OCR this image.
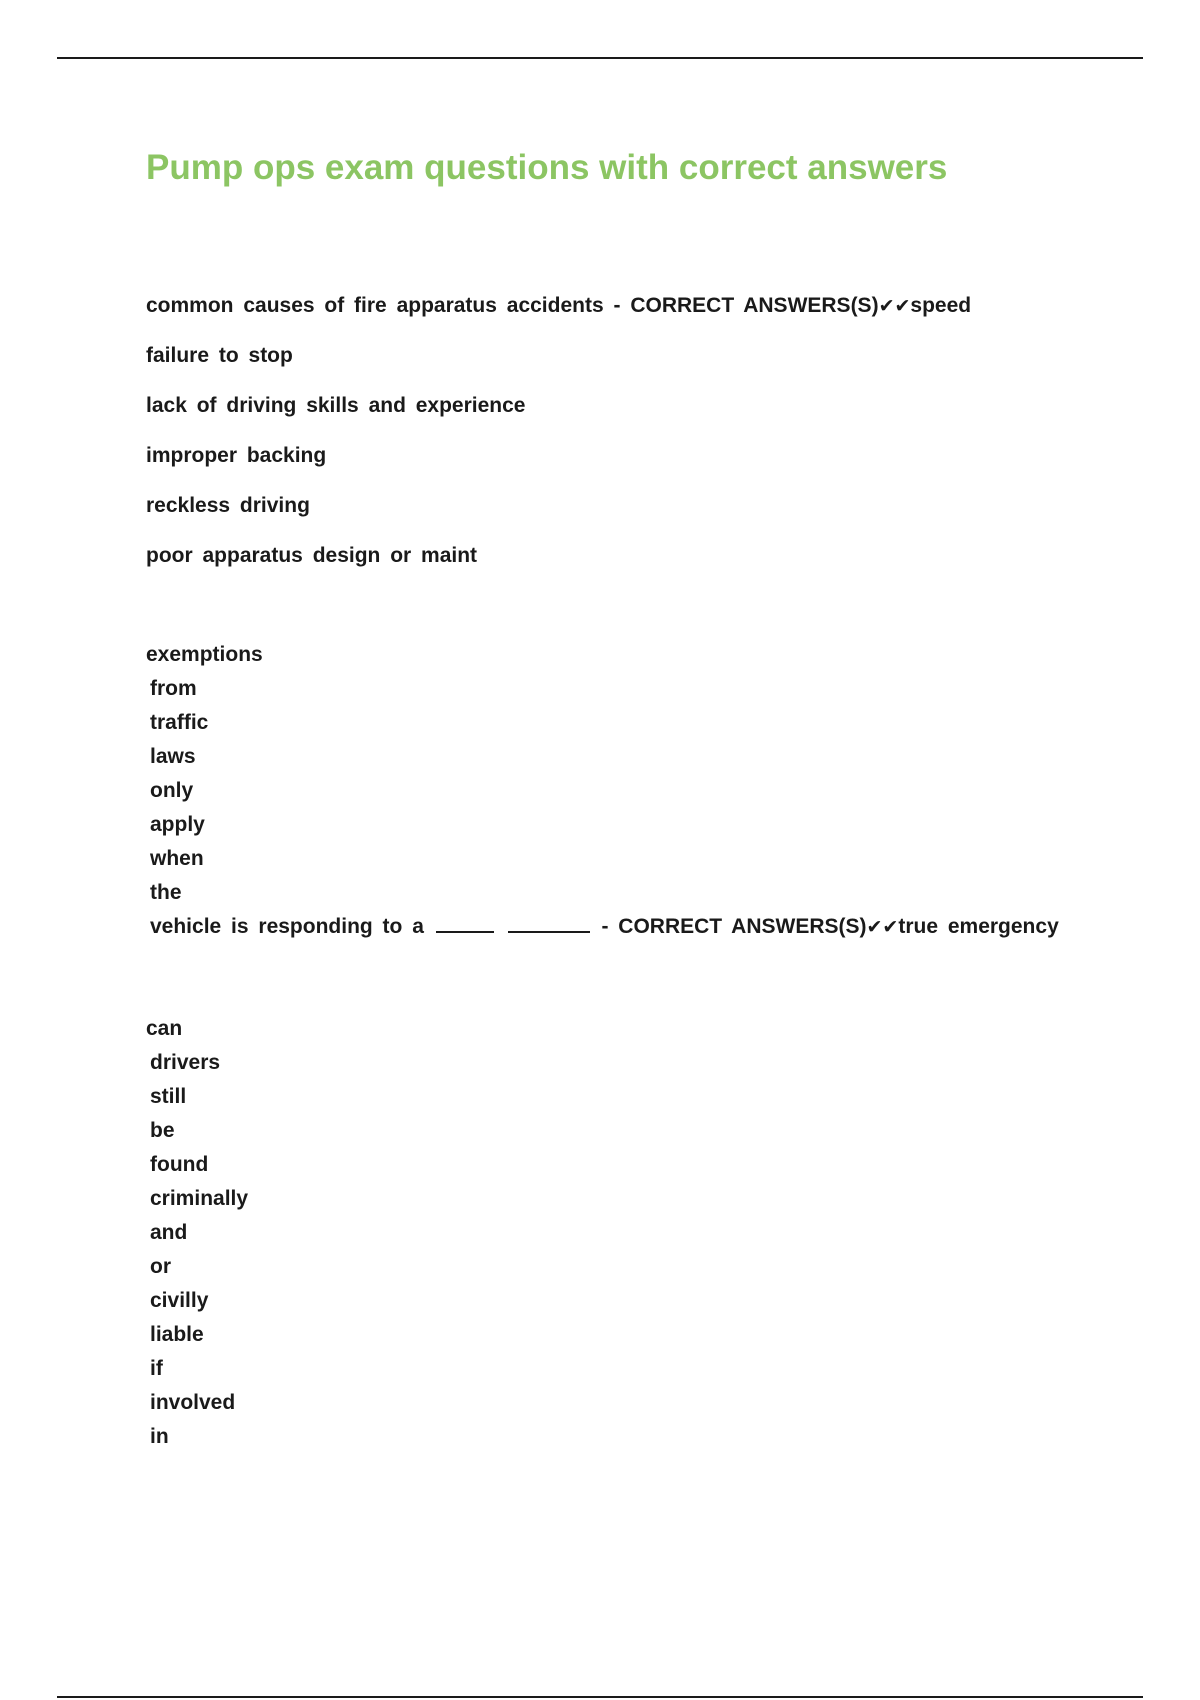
Pump ops exam questions with correct answers
common causes of fire apparatus accidents - CORRECT ANSWERS(S)✔✔speed
failure to stop
lack of driving skills and experience
improper backing
reckless driving
poor apparatus design or maint
exemptions
from
traffic
laws
only
apply
when
the
vehicle is responding to a	- CORRECT ANSWERS(S)✔✔true emergency
can
drivers
still
be
found
criminally
and
or
civilly
liable
if
involved
in
